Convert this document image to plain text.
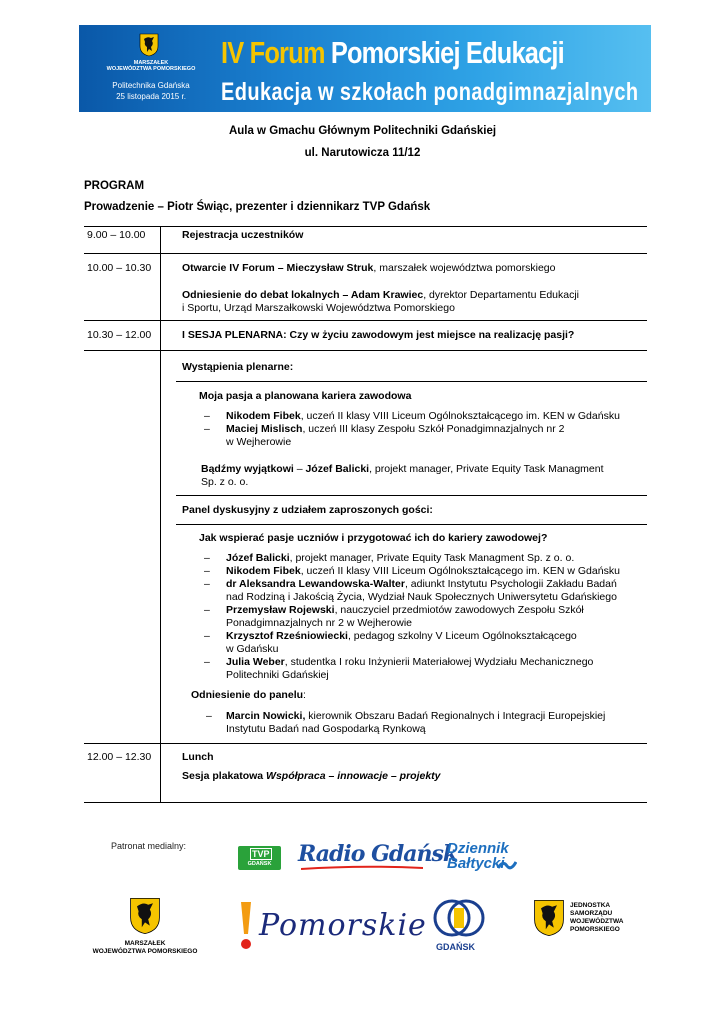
MARSZAŁEK
WOJEWÓDZTWA POMORSKIEGO
Politechnika Gdańska
25 listopada 2015 r.
IV Forum Pomorskiej Edukacji
Edukacja w szkołach ponadgimnazjalnych
Aula w Gmachu Głównym Politechniki Gdańskiej
ul. Narutowicza 11/12
PROGRAM
Prowadzenie – Piotr Świąc, prezenter i dziennikarz TVP Gdańsk
9.00 – 10.00	Rejestracja uczestników
10.00 – 10.30	Otwarcie IV Forum – Mieczysław Struk, marszałek województwa pomorskiego
Odniesienie do debat lokalnych – Adam Krawiec, dyrektor Departamentu Edukacji
i Sportu, Urząd Marszałkowski Województwa Pomorskiego
10.30 – 12.00	I SESJA PLENARNA: Czy w życiu zawodowym jest miejsce na realizację pasji?
Wystąpienia plenarne:
Moja pasja a planowana kariera zawodowa
– Nikodem Fibek, uczeń II klasy VIII Liceum Ogólnokształcącego im. KEN w Gdańsku
– Maciej Mislisch, uczeń III klasy Zespołu Szkół Ponadgimnazjalnych nr 2
w Wejherowie
Bądźmy wyjątkowi – Józef Balicki, projekt manager, Private Equity Task Managment
Sp. z o. o.
Panel dyskusyjny z udziałem zaproszonych gości:
Jak wspierać pasje uczniów i przygotować ich do kariery zawodowej?
– Józef Balicki, projekt manager, Private Equity Task Managment Sp. z o. o.
– Nikodem Fibek, uczeń II klasy VIII Liceum Ogólnokształcącego im. KEN w Gdańsku
– dr Aleksandra Lewandowska-Walter, adiunkt Instytutu Psychologii Zakładu Badań
nad Rodziną i Jakością Życia, Wydział Nauk Społecznych Uniwersytetu Gdańskiego
– Przemysław Rojewski, nauczyciel przedmiotów zawodowych Zespołu Szkół
Ponadgimnazjalnych nr 2 w Wejherowie
– Krzysztof Rześniowiecki, pedagog szkolny V Liceum Ogólnokształcącego
w Gdańsku
– Julia Weber, studentka I roku Inżynierii Materiałowej Wydziału Mechanicznego
Politechniki Gdańskiej
Odniesienie do panelu:
– Marcin Nowicki, kierownik Obszaru Badań Regionalnych i Integracji Europejskiej
Instytutu Badań nad Gospodarką Rynkową
12.00 – 12.30	Lunch
Sesja plakatowa Współpraca – innowacje – projekty
Patronat medialny:
TVP
GDAŃSK	Radio Gdańsk
Dziennik
Bałtycki
MARSZAŁEK
WOJEWÓDZTWA POMORSKIEGO
Pomorskie
GDAŃSK
JEDNOSTKA
SAMORZĄDU
WOJEWÓDZTWA
POMORSKIEGO
